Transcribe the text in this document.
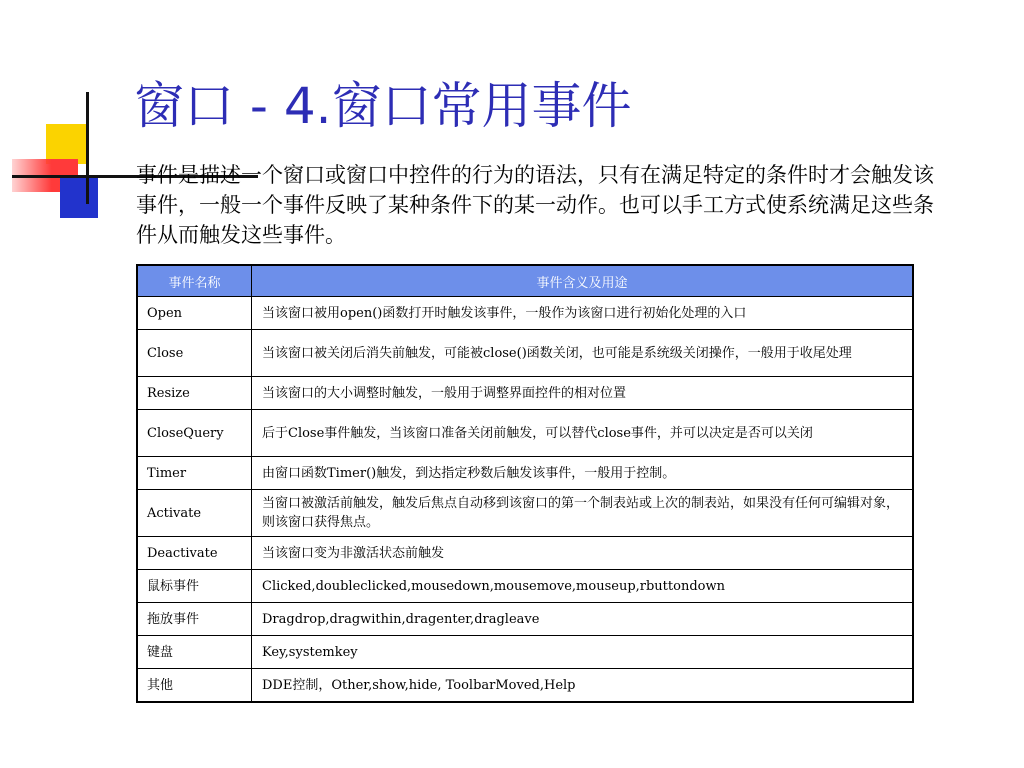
窗口 - 4.窗口常用事件

事件是描述一个窗口或窗口中控件的行为的语法，只有在满足特定的条件时才会触发该事件，一般一个事件反映了某种条件下的某一动作。也可以手工方式使系统满足这些条件从而触发这些事件。

事件名称	事件含义及用途
Open	当该窗口被用open()函数打开时触发该事件，一般作为该窗口进行初始化处理的入口
Close	当该窗口被关闭后消失前触发，可能被close()函数关闭，也可能是系统级关闭操作，一般用于收尾处理
Resize	当该窗口的大小调整时触发，一般用于调整界面控件的相对位置
CloseQuery	后于Close事件触发，当该窗口准备关闭前触发，可以替代close事件，并可以决定是否可以关闭
Timer	由窗口函数Timer()触发，到达指定秒数后触发该事件，一般用于控制。
Activate	当窗口被激活前触发，触发后焦点自动移到该窗口的第一个制表站或上次的制表站，如果没有任何可编辑对象，则该窗口获得焦点。
Deactivate	当该窗口变为非激活状态前触发
鼠标事件	Clicked,doubleclicked,mousedown,mousemove,mouseup,rbuttondown
拖放事件	Dragdrop,dragwithin,dragenter,dragleave
键盘	Key,systemkey
其他	DDE控制，Other,show,hide, ToolbarMoved,Help
